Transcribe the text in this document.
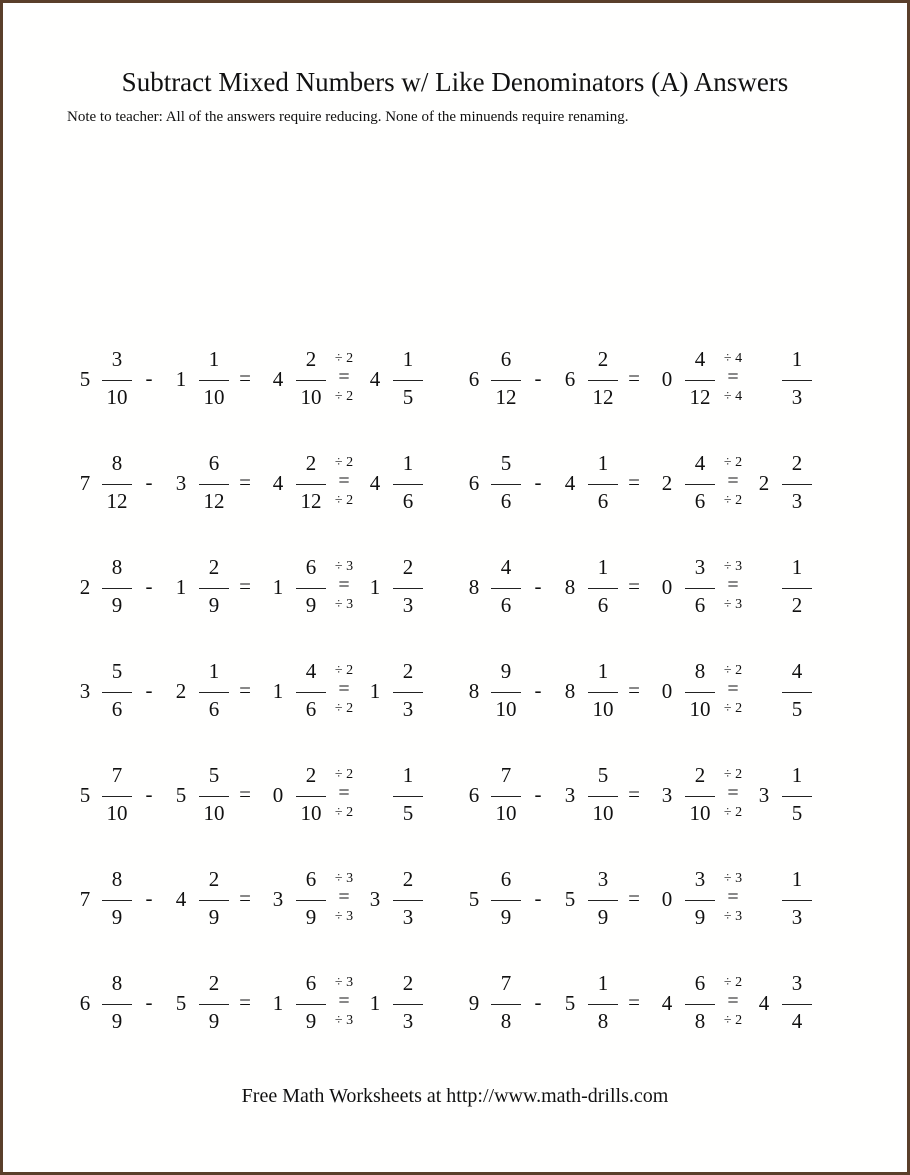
Subtract Mixed Numbers w/ Like Denominators (A) Answers
Note to teacher: All of the answers require reducing. None of the minuends require renaming.
5
3
10
- 1
1
10
= 4
2
10
÷ 2
=
÷ 2
4
1
5
6
6
12
- 6
2
12
= 0
4
12
÷ 4
=
÷ 4
1
3
7
8
12
- 3
6
12
= 4
2
12
÷ 2
=
÷ 2
4
1
6
6
5
6
- 4
1
6
= 2
4
6
÷ 2
=
÷ 2
2
2
3
2
8
9
- 1
2
9
= 1
6
9
÷ 3
=
÷ 3
1
2
3
8
4
6
- 8
1
6
= 0
3
6
÷ 3
=
÷ 3
1
2
3
5
6
- 2
1
6
= 1
4
6
÷ 2
=
÷ 2
1
2
3
8
9
10
- 8
1
10
= 0
8
10
÷ 2
=
÷ 2
4
5
5
7
10
- 5
5
10
= 0
2
10
÷ 2
=
÷ 2
1
5
6
7
10
- 3
5
10
= 3
2
10
÷ 2
=
÷ 2
3
1
5
7
8
9
- 4
2
9
= 3
6
9
÷ 3
=
÷ 3
3
2
3
5
6
9
- 5
3
9
= 0
3
9
÷ 3
=
÷ 3
1
3
6
8
9
- 5
2
9
= 1
6
9
÷ 3
=
÷ 3
1
2
3
9
7
8
- 5
1
8
= 4
6
8
÷ 2
=
÷ 2
4
3
4
Free Math Worksheets at http://www.math-drills.com
